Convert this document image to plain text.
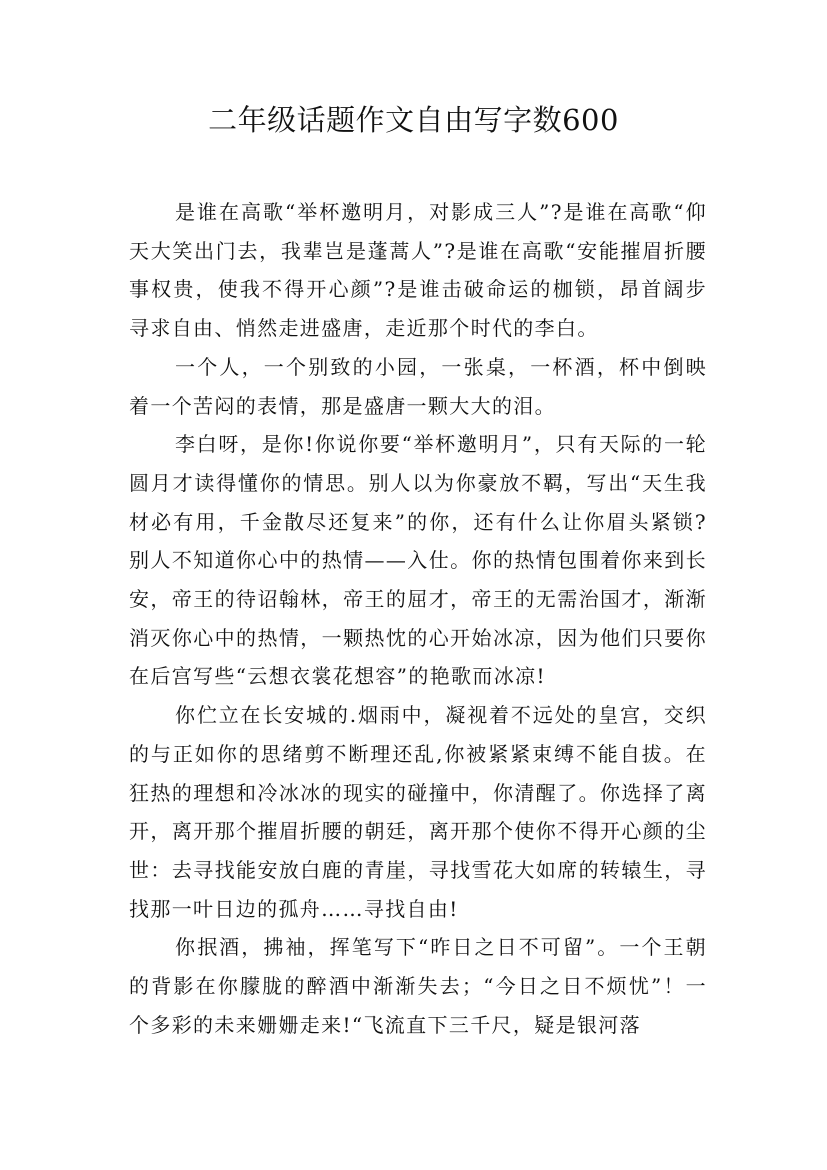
二年级话题作文自由写字数600

是谁在高歌“举杯邀明月，对影成三人”?是谁在高歌“仰天大笑出门去，我辈岂是蓬蒿人”?是谁在高歌“安能摧眉折腰事权贵，使我不得开心颜”?是谁击破命运的枷锁，昂首阔步寻求自由、悄然走进盛唐，走近那个时代的李白。

一个人，一个别致的小园，一张桌，一杯酒，杯中倒映着一个苦闷的表情，那是盛唐一颗大大的泪。

李白呀，是你!你说你要“举杯邀明月”，只有天际的一轮圆月才读得懂你的情思。别人以为你豪放不羁，写出“天生我材必有用，千金散尽还复来”的你，还有什么让你眉头紧锁?别人不知道你心中的热情——入仕。你的热情包围着你来到长安，帝王的待诏翰林，帝王的屈才，帝王的无需治国才，渐渐消灭你心中的热情，一颗热忱的心开始冰凉，因为他们只要你在后宫写些“云想衣裳花想容”的艳歌而冰凉!

你伫立在长安城的.烟雨中，凝视着不远处的皇宫，交织的与正如你的思绪剪不断理还乱,你被紧紧束缚不能自拔。在狂热的理想和冷冰冰的现实的碰撞中，你清醒了。你选择了离开，离开那个摧眉折腰的朝廷，离开那个使你不得开心颜的尘世：去寻找能安放白鹿的青崖，寻找雪花大如席的转辕生，寻找那一叶日边的孤舟……寻找自由!

你抿酒，拂袖，挥笔写下“昨日之日不可留”。一个王朝的背影在你朦胧的醉酒中渐渐失去；“今日之日不烦忧”！一个多彩的未来姗姗走来!“飞流直下三千尺，疑是银河落
